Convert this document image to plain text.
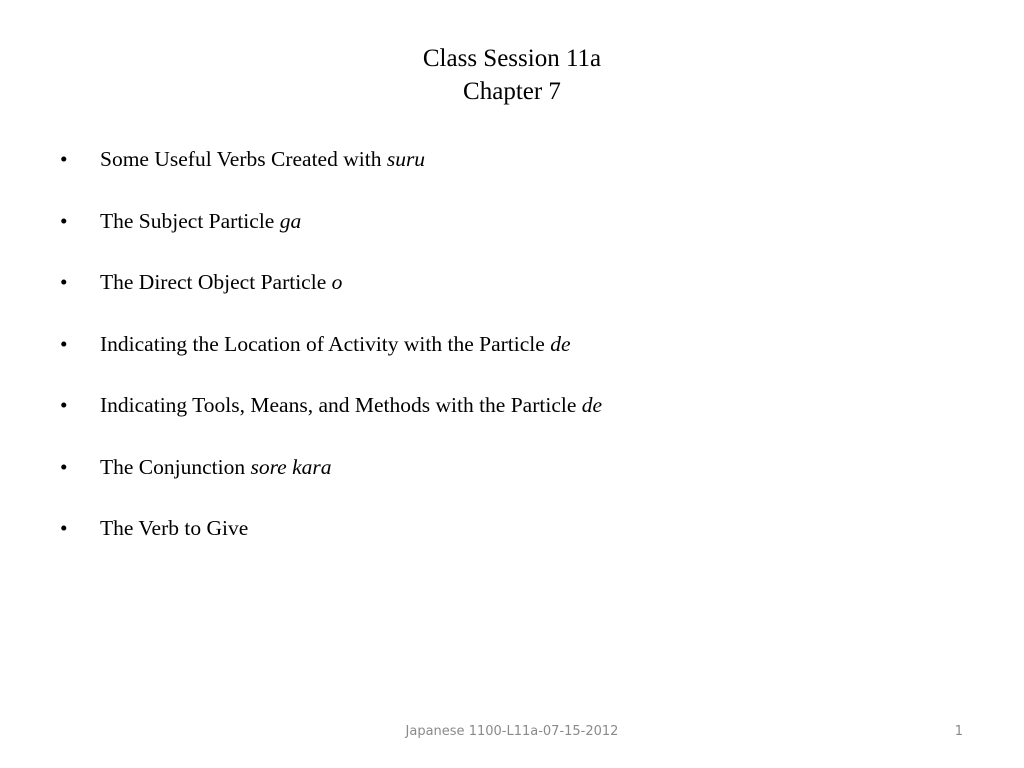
Class Session 11a
Chapter 7
• Some Useful Verbs Created with suru
• The Subject Particle ga
• The Direct Object Particle o
• Indicating the Location of Activity with the Particle de
• Indicating Tools, Means, and Methods with the Particle de
• The Conjunction sore kara
• The Verb to Give
Japanese 1100-L11a-07-15-2012	1
